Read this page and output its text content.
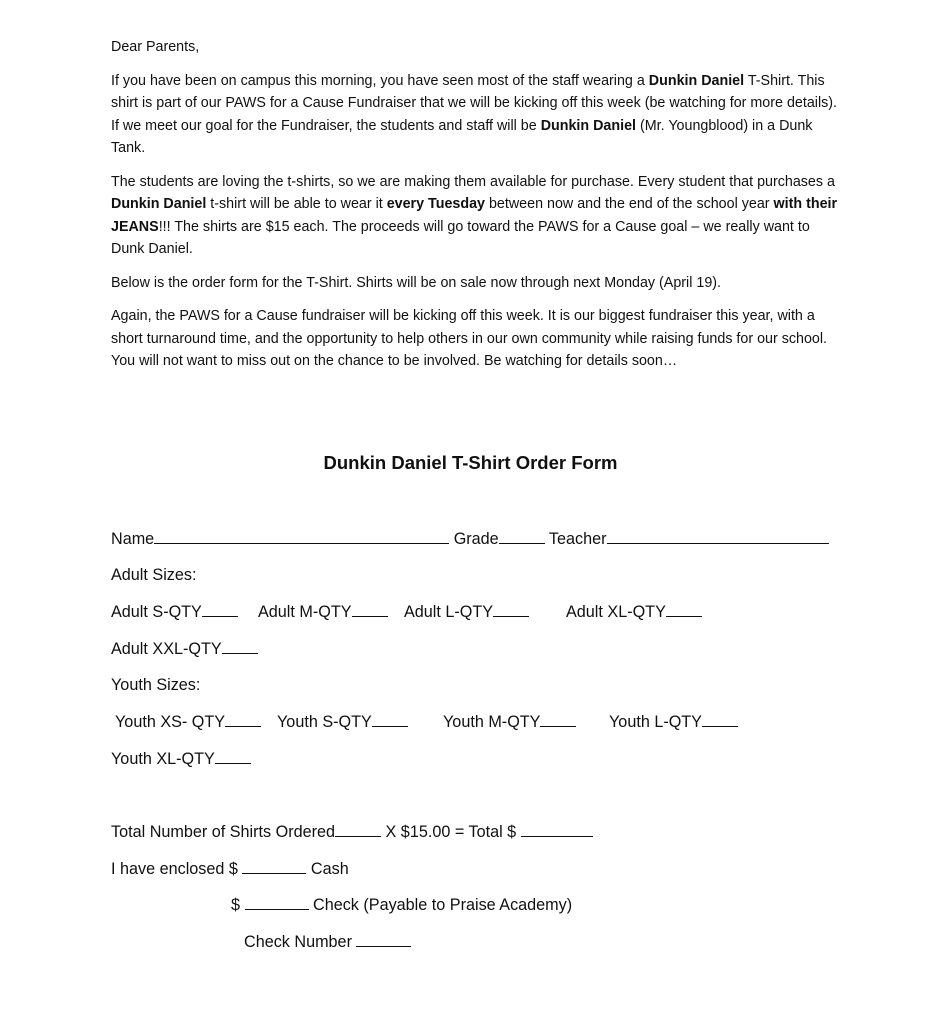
Dear Parents,

If you have been on campus this morning, you have seen most of the staff wearing a Dunkin Daniel T-Shirt. This shirt is part of our PAWS for a Cause Fundraiser that we will be kicking off this week (be watching for more details). If we meet our goal for the Fundraiser, the students and staff will be Dunkin Daniel (Mr. Youngblood) in a Dunk Tank.

The students are loving the t-shirts, so we are making them available for purchase. Every student that purchases a Dunkin Daniel t-shirt will be able to wear it every Tuesday between now and the end of the school year with their JEANS!!! The shirts are $15 each. The proceeds will go toward the PAWS for a Cause goal – we really want to Dunk Daniel.

Below is the order form for the T-Shirt. Shirts will be on sale now through next Monday (April 19).

Again, the PAWS for a Cause fundraiser will be kicking off this week. It is our biggest fundraiser this year, with a short turnaround time, and the opportunity to help others in our own community while raising funds for our school. You will not want to miss out on the chance to be involved. Be watching for details soon…

Dunkin Daniel T-Shirt Order Form
Name	Grade	Teacher
Adult Sizes:
Adult S-QTY	Adult M-QTY	Adult L-QTY	Adult XL-QTY
Adult XXL-QTY
Youth Sizes:
Youth XS- QTY	Youth S-QTY	Youth M-QTY	Youth L-QTY
Youth XL-QTY
Total Number of Shirts Ordered	X $15.00 = Total $
I have enclosed $	Cash
$	Check (Payable to Praise Academy)
Check Number
